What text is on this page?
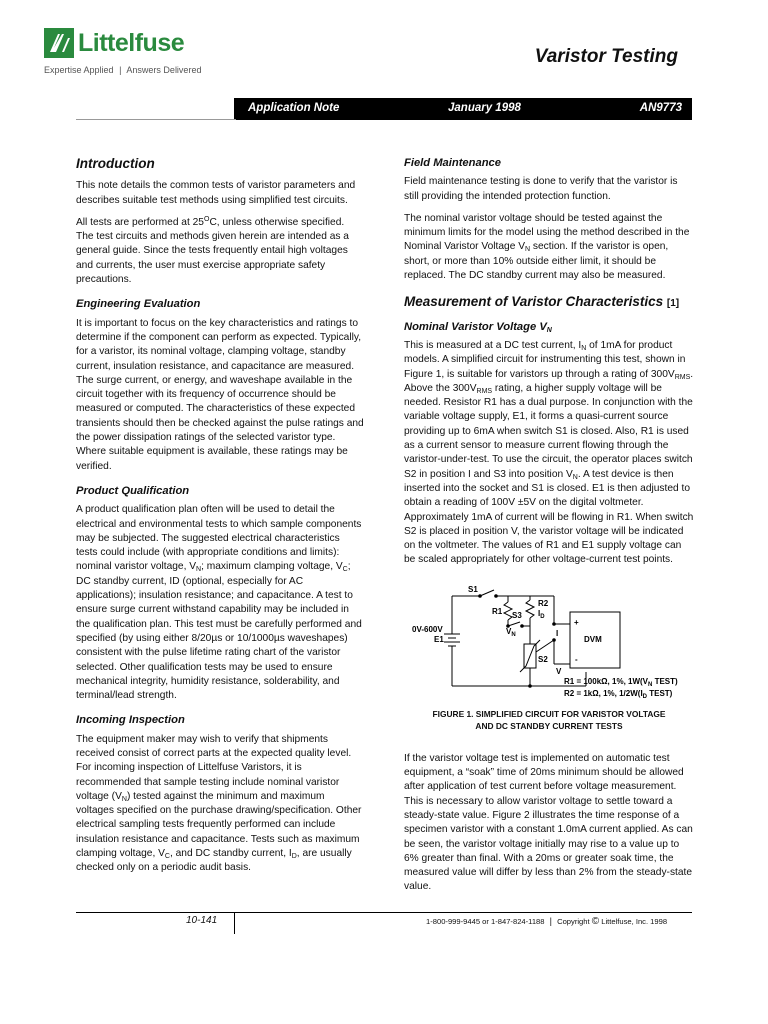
Littelfuse
Expertise Applied | Answers Delivered
Varistor Testing
Application Note	January 1998	AN9773
Introduction

This note details the common tests of varistor parameters and describes suitable test methods using simplified test circuits.

All tests are performed at $25^OC$, unless otherwise specified. The test circuits and methods given herein are intended as a general guide. Since the tests frequently entail high voltages and currents, the user must exercise appropriate safety precautions.

Engineering Evaluation

It is important to focus on the key characteristics and ratings to determine if the component can perform as expected. Typically, for a varistor, its nominal voltage, clamping voltage, standby current, insulation resistance, and capacitance are measured. The surge current, or energy, and waveshape available in the circuit together with its frequency of occurrence should be measured or computed. The characteristics of these expected transients should then be checked against the pulse ratings and the power dissipation ratings of the selected varistor type. Where suitable equipment is available, these ratings may be verified.

Product Qualification

A product qualification plan often will be used to detail the electrical and environmental tests to which sample components may be subjected. The suggested electrical characteristics tests could include (with appropriate conditions and limits): nominal varistor voltage, $V_N$; maximum clamping voltage, $V_C$; DC standby current, ID (optional, especially for AC applications); insulation resistance; and capacitance. A test to ensure surge current withstand capability may be included in the qualification plan. This test must be carefully performed and specified (by using either 8/20µs or 10/1000µs waveshapes) consistent with the pulse lifetime rating chart of the varistor selected. Other qualification tests may be used to ensure mechanical integrity, humidity resistance, solderability, and terminal/lead strength.

Incoming Inspection

The equipment maker may wish to verify that shipments received consist of correct parts at the expected quality level. For incoming inspection of Littelfuse Varistors, it is recommended that sample testing include nominal varistor voltage $(V_N)$ tested against the minimum and maximum voltages specified on the purchase drawing/specification. Other electrical sampling tests frequently performed can include insulation resistance and capacitance. Tests such as maximum clamping voltage, $V_C$, and DC standby current, $I_D$, are usually checked only on a periodic audit basis.

Field Maintenance

Field maintenance testing is done to verify that the varistor is still providing the intended protection function.

The nominal varistor voltage should be tested against the minimum limits for the model using the method described in the Nominal Varistor Voltage $V_N$ section. If the varistor is open, short, or more than 10% outside either limit, it should be replaced. The DC standby current may also be measured.

Measurement of Varistor Characteristics [1]
Nominal Varistor Voltage $V_N$

This is measured at a DC test current, $I_N$ of 1mA for product models. A simplified circuit for instrumenting this test, shown in Figure 1, is suitable for varistors up through a rating of $300V_{RMS}$. Above the $300V_{RMS}$ rating, a higher supply voltage will be needed. Resistor R1 has a dual purpose. In conjunction with the variable voltage supply, E1, it forms a quasi-current source providing up to 6mA when switch S1 is closed. Also, R1 is used as a current sensor to measure current flowing through the varistor-under-test. To use the circuit, the operator places switch S2 in position I and S3 into position $V_N$. A test device is then inserted into the socket and S1 is closed. E1 is then adjusted to obtain a reading of 100V ±5V on the digital voltmeter. Approximately 1mA of current will be flowing in R1. When switch S2 is placed in position V, the varistor voltage will be indicated on the voltmeter. The values of R1 and E1 supply voltage can be scaled appropriately for other voltage-current test points.

S1
R1
R2
S3 $I_D$
$V_N$
0V-600V
E1
I
S2
V
DVM
+
-
R1 = 100kΩ, 1%, $1W(V_N$ TEST)
R2 = 1kΩ, 1%, $1/2W(I_D$ TEST)
FIGURE 1. SIMPLIFIED CIRCUIT FOR VARISTOR VOLTAGE
AND DC STANDBY CURRENT TESTS

If the varistor voltage test is implemented on automatic test equipment, a “soak” time of 20ms minimum should be allowed after application of test current before voltage measurement. This is necessary to allow varistor voltage to settle toward a steady-state value. Figure 2 illustrates the time response of a specimen varistor with a constant 1.0mA current applied. As can be seen, the varistor voltage initially may rise to a value up to 6% greater than final. With a 20ms or greater soak time, the measured value will differ by less than 2% from the steady-state value.

10-141	1-800-999-9445 or 1-847-824-1188 | Copyright © Littelfuse, Inc. 1998
